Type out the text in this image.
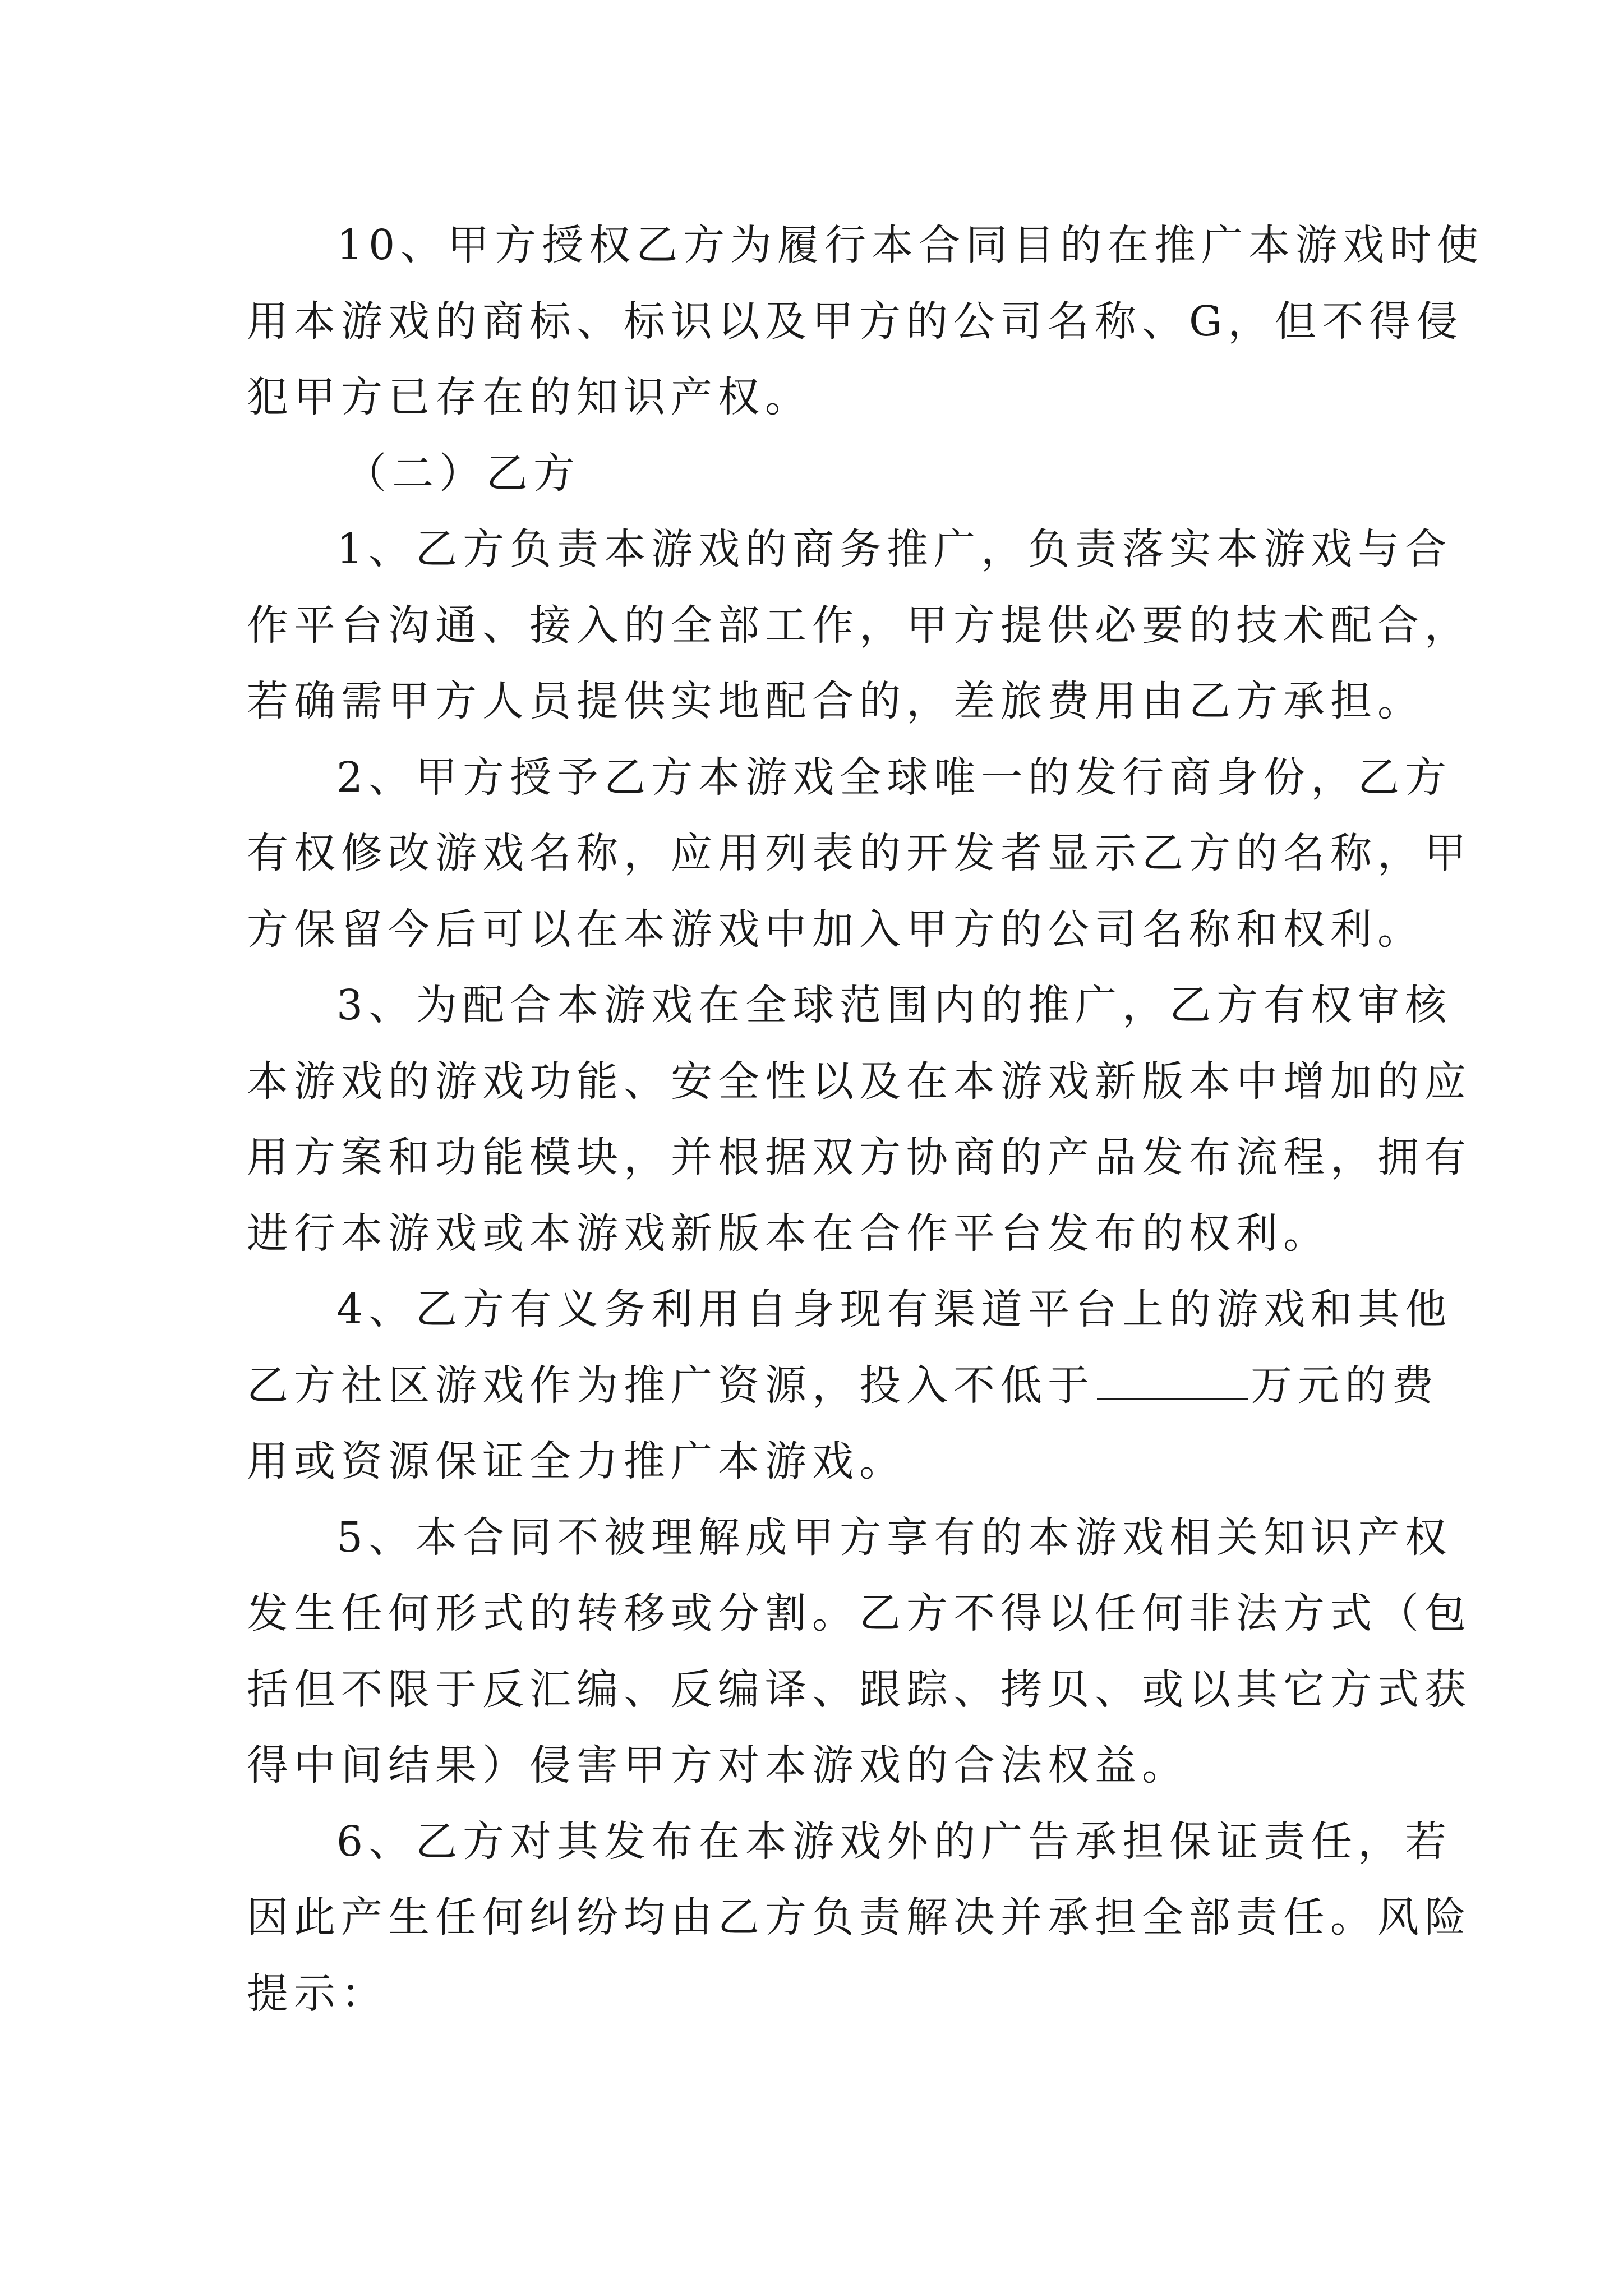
10、甲方授权乙方为履行本合同目的在推广本游戏时使
用本游戏的商标、标识以及甲方的公司名称、G，但不得侵
犯甲方已存在的知识产权。
（二）乙方
1、乙方负责本游戏的商务推广，负责落实本游戏与合
作平台沟通、接入的全部工作，甲方提供必要的技术配合，
若确需甲方人员提供实地配合的，差旅费用由乙方承担。
2、甲方授予乙方本游戏全球唯一的发行商身份，乙方
有权修改游戏名称，应用列表的开发者显示乙方的名称，甲
方保留今后可以在本游戏中加入甲方的公司名称和权利。
3、为配合本游戏在全球范围内的推广，乙方有权审核
本游戏的游戏功能、安全性以及在本游戏新版本中增加的应
用方案和功能模块，并根据双方协商的产品发布流程，拥有
进行本游戏或本游戏新版本在合作平台发布的权利。
4、乙方有义务利用自身现有渠道平台上的游戏和其他
乙方社区游戏作为推广资源，投入不低于	万元的费
用或资源保证全力推广本游戏。
5、本合同不被理解成甲方享有的本游戏相关知识产权
发生任何形式的转移或分割。乙方不得以任何非法方式（包
括但不限于反汇编、反编译、跟踪、拷贝、或以其它方式获
得中间结果）侵害甲方对本游戏的合法权益。
6、乙方对其发布在本游戏外的广告承担保证责任，若
因此产生任何纠纷均由乙方负责解决并承担全部责任。风险
提示：
